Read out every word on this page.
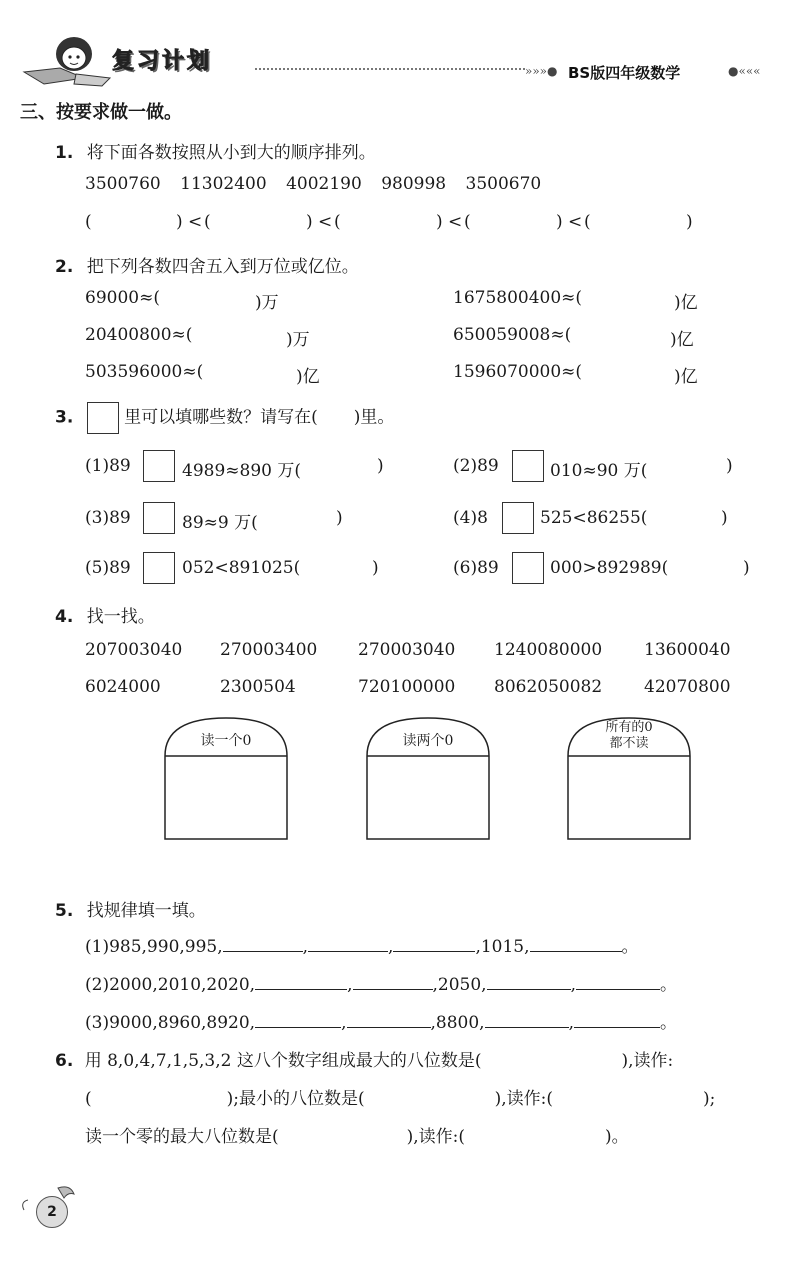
复习计划	»»»● BS版四年级数学	●«««
三、按要求做一做。
1. 将下面各数按照从小到大的顺序排列。
3500760 11302400 4002190 980998 3500670
(	) < (	) < (	) < (	) < (	)
2. 把下列各数四舍五入到万位或亿位。
69000≈(	)万	1675800400≈(	)亿
20400800≈(	)万	650059008≈(	)亿
503596000≈(	)亿	1596070000≈(	)亿
3.	里可以填哪些数？请写在( )里。
(1)89	4989≈890 万(	)	(2)89	010≈90 万(	)
(3)89	89≈9 万(	)	(4)8	525<86255(	)
(5)89	052<891025(	)	(6)89	000>892989(	)
4. 找一找。
207003040 270003400 270003040 1240080000 13600040
6024000	2300504	720100000 8062050082 42070800
读一个0	读两个0
所有的0
都不读
5. 找规律填一填。
(1)985,990,995,	,	,	,1015,	。
(2)2000,2010,2020,	,	,2050,	,	。
(3)9000,8960,8920,	,	,8800,	,	。
6. 用 8,0,4,7,1,5,3,2 这八个数字组成最大的八位数是(	),读作:
(	);最小的八位数是(	),读作:(	);
读一个零的最大八位数是(	),读作:(	)。
2
